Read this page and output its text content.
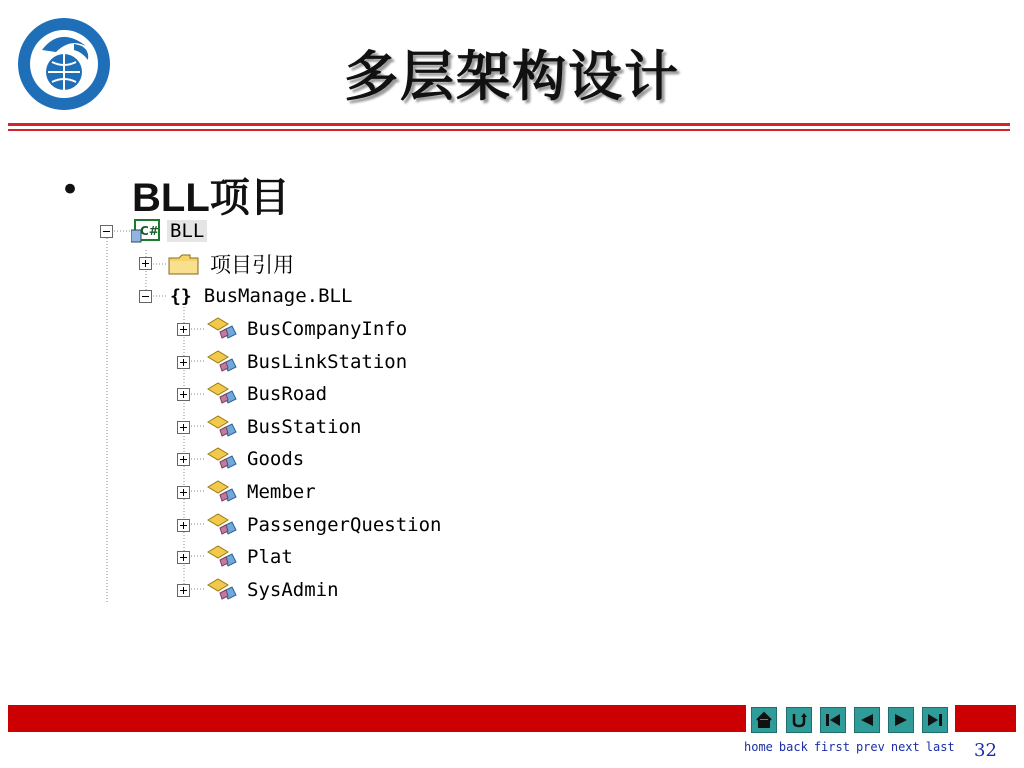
多层架构设计
• BLL项目
C# BLL
项目引用
{} BusManage.BLL
BusCompanyInfo
BusLinkStation
BusRoad
BusStation
Goods
Member
PassengerQuestion
Plat
SysAdmin
home back first prev next last	32
